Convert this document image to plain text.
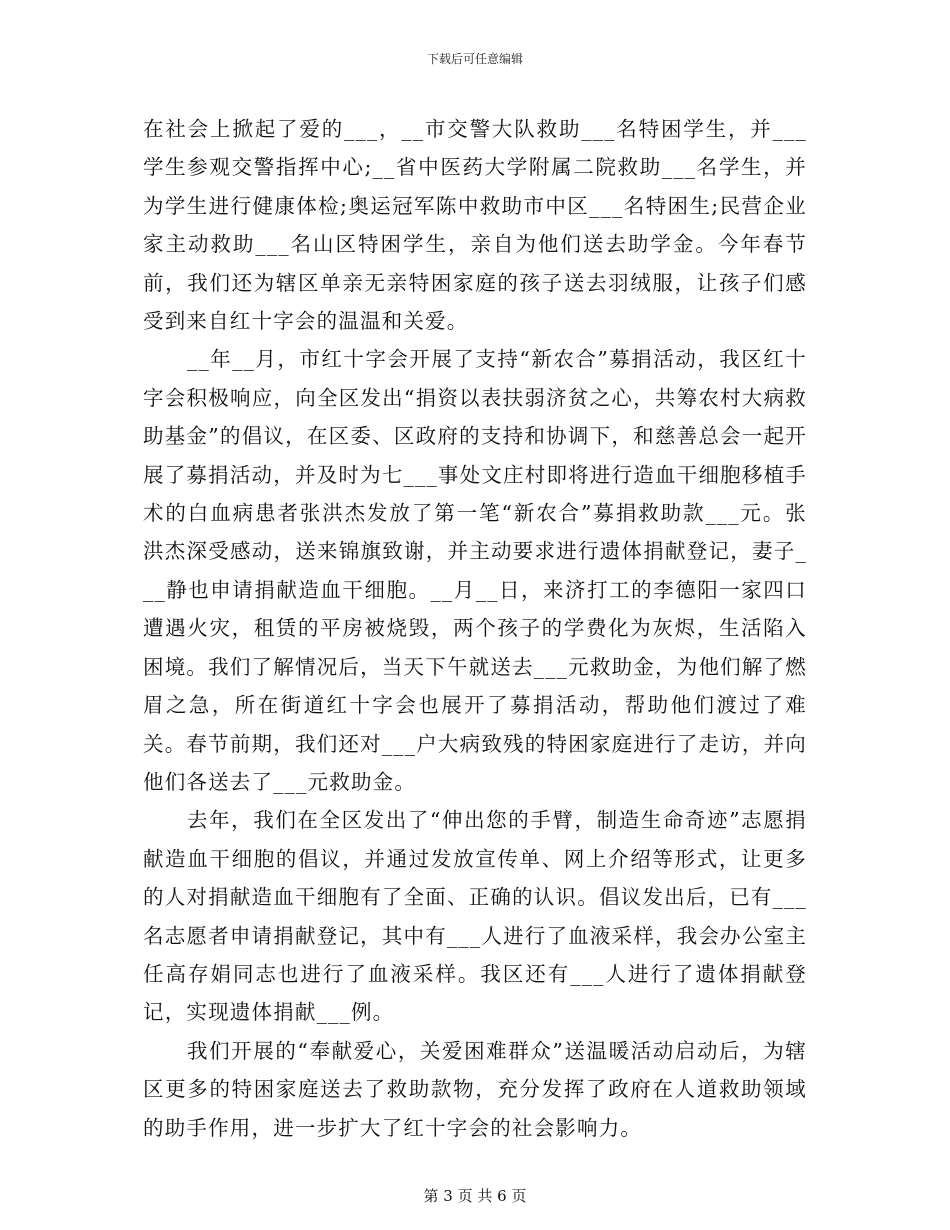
下载后可任意编辑

在社会上掀起了爱的___，__市交警大队救助___名特困学生，并___学生参观交警指挥中心;__省中医药大学附属二院救助___名学生，并为学生进行健康体检;奥运冠军陈中救助市中区___名特困生;民营企业家主动救助___名山区特困学生，亲自为他们送去助学金。今年春节前，我们还为辖区单亲无亲特困家庭的孩子送去羽绒服，让孩子们感受到来自红十字会的温温和关爱。

__年__月，市红十字会开展了支持“新农合”募捐活动，我区红十字会积极响应，向全区发出“捐资以表扶弱济贫之心，共筹农村大病救助基金”的倡议，在区委、区政府的支持和协调下，和慈善总会一起开展了募捐活动，并及时为七___事处文庄村即将进行造血干细胞移植手术的白血病患者张洪杰发放了第一笔“新农合”募捐救助款___元。张洪杰深受感动，送来锦旗致谢，并主动要求进行遗体捐献登记，妻子___静也申请捐献造血干细胞。__月__日，来济打工的李德阳一家四口遭遇火灾，租赁的平房被烧毁，两个孩子的学费化为灰烬，生活陷入困境。我们了解情况后，当天下午就送去___元救助金，为他们解了燃眉之急，所在街道红十字会也展开了募捐活动，帮助他们渡过了难关。春节前期，我们还对___户大病致残的特困家庭进行了走访，并向他们各送去了___元救助金。

去年，我们在全区发出了“伸出您的手臂，制造生命奇迹”志愿捐献造血干细胞的倡议，并通过发放宣传单、网上介绍等形式，让更多的人对捐献造血干细胞有了全面、正确的认识。倡议发出后，已有___名志愿者申请捐献登记，其中有___人进行了血液采样，我会办公室主任高存娟同志也进行了血液采样。我区还有___人进行了遗体捐献登记，实现遗体捐献___例。

我们开展的“奉献爱心，关爱困难群众”送温暖活动启动后，为辖区更多的特困家庭送去了救助款物，充分发挥了政府在人道救助领域的助手作用，进一步扩大了红十字会的社会影响力。

第 3 页 共 6 页
